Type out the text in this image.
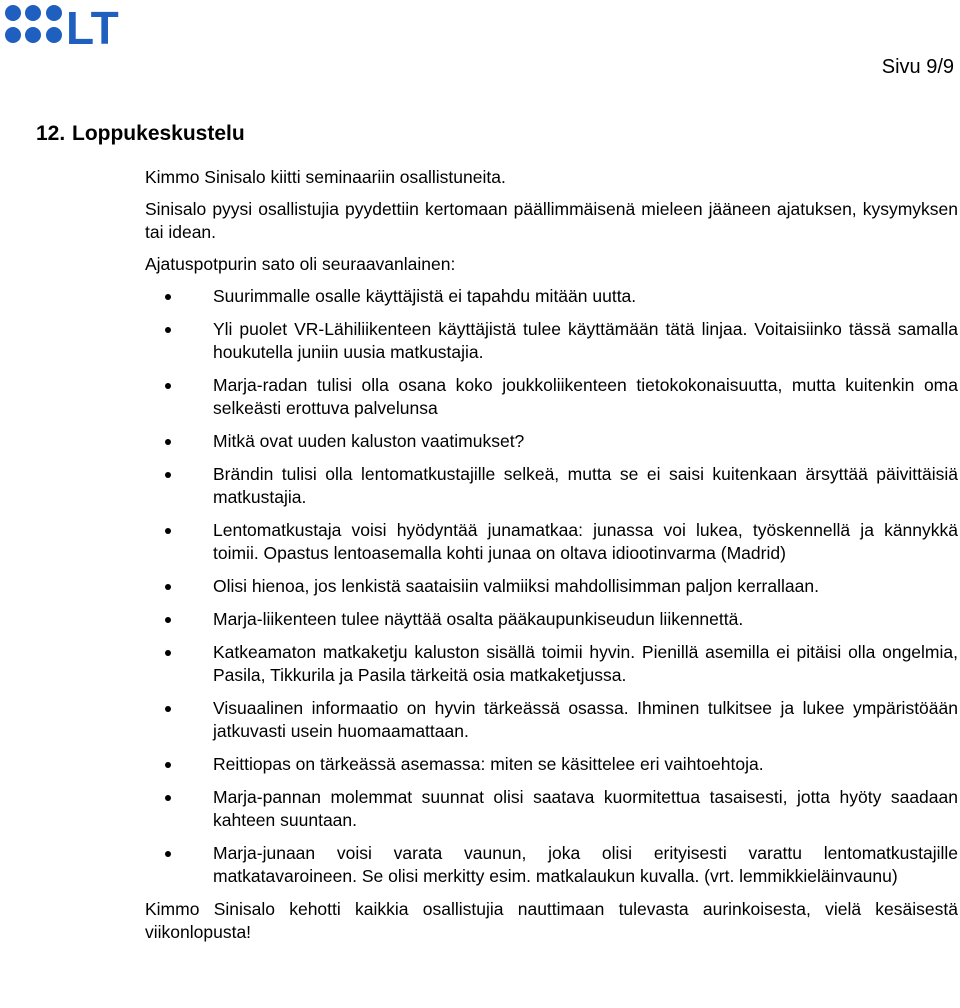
LT
Sivu 9/9
12. Loppukeskustelu

Kimmo Sinisalo kiitti seminaariin osallistuneita.

Sinisalo pyysi osallistujia pyydettiin kertomaan päällimmäisenä mieleen jääneen ajatuksen, kysymyksen tai idean.

Ajatuspotpurin sato oli seuraavanlainen:

Suurimmalle osalle käyttäjistä ei tapahdu mitään uutta.
Yli puolet VR-Lähiliikenteen käyttäjistä tulee käyttämään tätä linjaa. Voitaisiinko tässä samalla houkutella juniin uusia matkustajia.
Marja-radan tulisi olla osana koko joukkoliikenteen tietokokonaisuutta, mutta kuitenkin oma selkeästi erottuva palvelunsa
Mitkä ovat uuden kaluston vaatimukset?
Brändin tulisi olla lentomatkustajille selkeä, mutta se ei saisi kuitenkaan ärsyttää päivittäisiä matkustajia.
Lentomatkustaja voisi hyödyntää junamatkaa: junassa voi lukea, työskennellä ja kännykkä toimii. Opastus lentoasemalla kohti junaa on oltava idiootinvarma (Madrid)
Olisi hienoa, jos lenkistä saataisiin valmiiksi mahdollisimman paljon kerrallaan.
Marja-liikenteen tulee näyttää osalta pääkaupunkiseudun liikennettä.
Katkeamaton matkaketju kaluston sisällä toimii hyvin. Pienillä asemilla ei pitäisi olla ongelmia, Pasila, Tikkurila ja Pasila tärkeitä osia matkaketjussa.
Visuaalinen informaatio on hyvin tärkeässä osassa. Ihminen tulkitsee ja lukee ympäristöään jatkuvasti usein huomaamattaan.
Reittiopas on tärkeässä asemassa: miten se käsittelee eri vaihtoehtoja.
Marja-pannan molemmat suunnat olisi saatava kuormitettua tasaisesti, jotta hyöty saadaan kahteen suuntaan.
Marja-junaan voisi varata vaunun, joka olisi erityisesti varattu lentomatkustajille matkatavaroineen. Se olisi merkitty esim. matkalaukun kuvalla. (vrt. lemmikkieläinvaunu)

Kimmo Sinisalo kehotti kaikkia osallistujia nauttimaan tulevasta aurinkoisesta, vielä kesäisestä viikonlopusta!
